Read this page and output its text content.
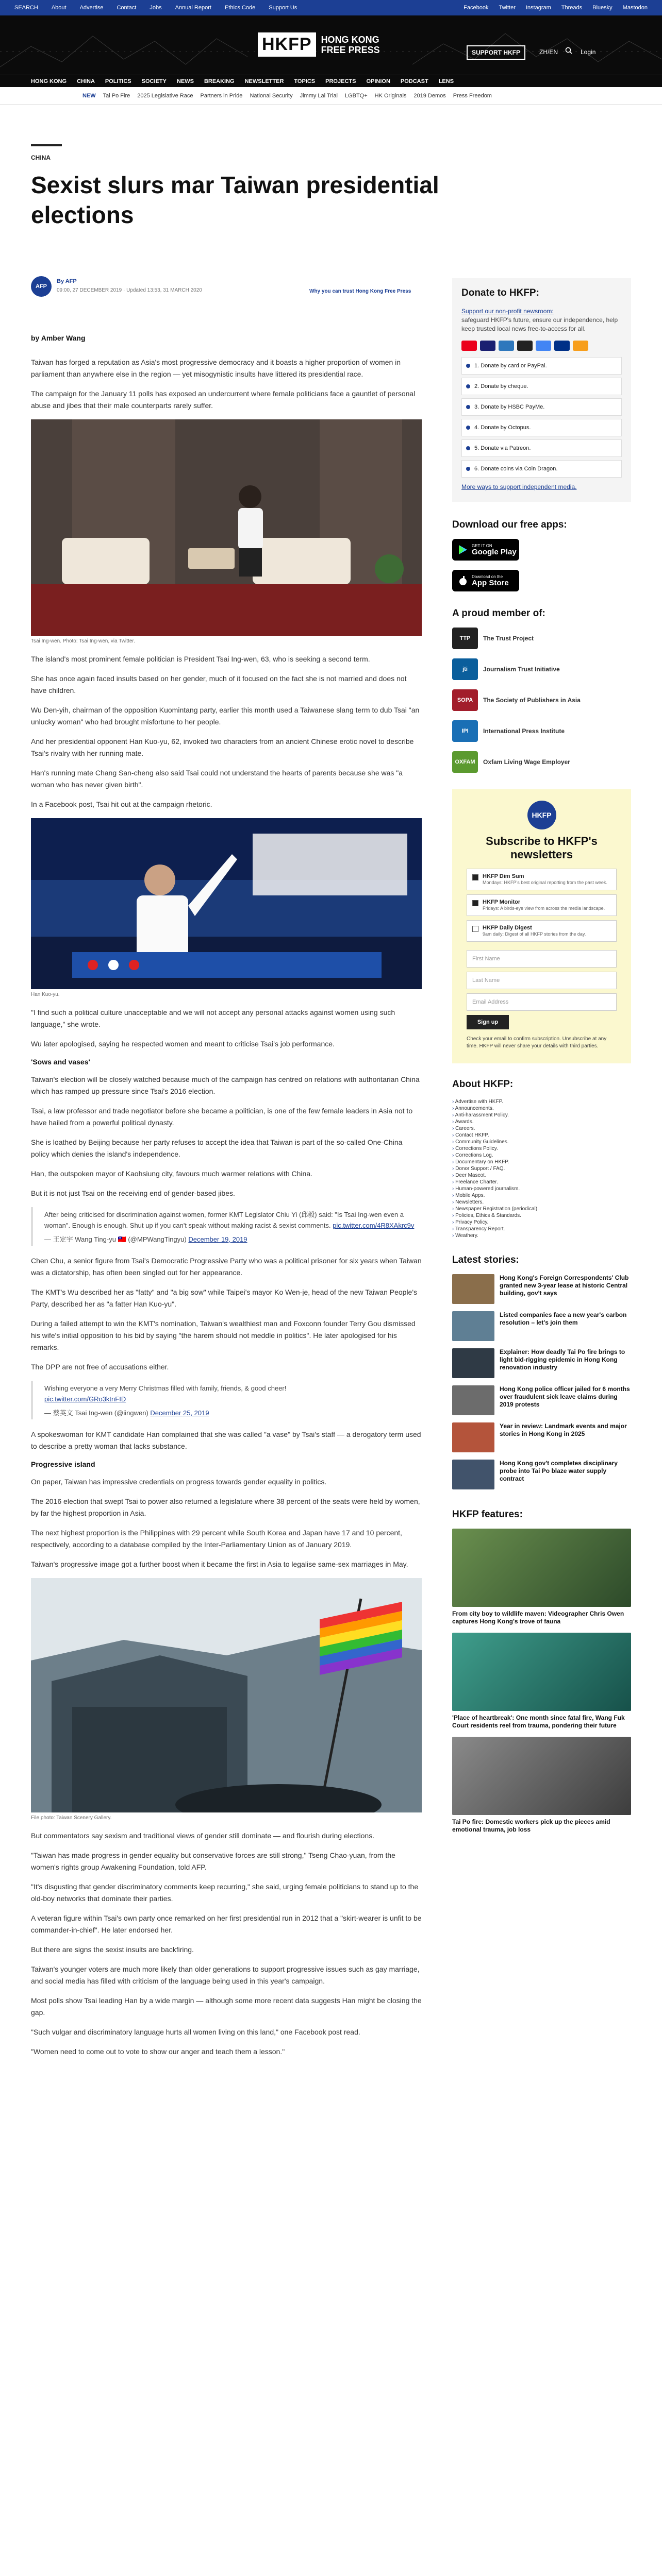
SEARCH About Advertise Contact Jobs Annual Report Ethics Code Support Us	Facebook Twitter Instagram Threads Bluesky Mastodon
HKFP	HONG KONG
FREE PRESS	SUPPORT HKFP	ZH/EN	Login
HONG KONG CHINA POLITICS SOCIETY NEWS BREAKING NEWSLETTER TOPICS PROJECTS OPINION PODCAST LENS
NEW Tai Po Fire 2025 Legislative Race Partners in Pride National Security Jimmy Lai Trial LGBTQ+ HK Originals 2019 Demos Press Freedom
CHINA
Sexist slurs mar Taiwan presidential elections
AFP
By AFP
09:00, 27 DECEMBER 2019 · Updated 13:53, 31 MARCH 2020	Why you can trust Hong Kong Free Press

by Amber Wang

Taiwan has forged a reputation as Asia's most progressive democracy and it boasts a higher proportion of women in parliament than anywhere else in the region — yet misogynistic insults have littered its presidential race.

The campaign for the January 11 polls has exposed an undercurrent where female politicians face a gauntlet of personal abuse and jibes that their male counterparts rarely suffer.

Tsai Ing-wen. Photo: Tsai Ing-wen, via Twitter.

The island's most prominent female politician is President Tsai Ing-wen, 63, who is seeking a second term.

She has once again faced insults based on her gender, much of it focused on the fact she is not married and does not have children.

Wu Den-yih, chairman of the opposition Kuomintang party, earlier this month used a Taiwanese slang term to dub Tsai "an unlucky woman" who had brought misfortune to her people.

And her presidential opponent Han Kuo-yu, 62, invoked two characters from an ancient Chinese erotic novel to describe Tsai's rivalry with her running mate.

Han's running mate Chang San-cheng also said Tsai could not understand the hearts of parents because she was "a woman who has never given birth".

In a Facebook post, Tsai hit out at the campaign rhetoric.

Han Kuo-yu.

"I find such a political culture unacceptable and we will not accept any personal attacks against women using such language," she wrote.

Wu later apologised, saying he respected women and meant to criticise Tsai's job performance.

'Sows and vases'

Taiwan's election will be closely watched because much of the campaign has centred on relations with authoritarian China which has ramped up pressure since Tsai's 2016 election.

Tsai, a law professor and trade negotiator before she became a politician, is one of the few female leaders in Asia not to have hailed from a powerful political dynasty.

She is loathed by Beijing because her party refuses to accept the idea that Taiwan is part of the so-called One-China policy which denies the island's independence.

Han, the outspoken mayor of Kaohsiung city, favours much warmer relations with China.

But it is not just Tsai on the receiving end of gender-based jibes.

After being criticised for discrimination against women, former KMT Legislator Chiu Yi (邱毅) said: "Is Tsai Ing-wen even a woman". Enough is enough. Shut up if you can't speak without making racist & sexist comments. pic.twitter.com/4R8XAkrc9v
— 王定宇 Wang Ting-yu 🇹🇼 (@MPWangTingyu) December 19, 2019

Chen Chu, a senior figure from Tsai's Democratic Progressive Party who was a political prisoner for six years when Taiwan was a dictatorship, has often been singled out for her appearance.

The KMT's Wu described her as "fatty" and "a big sow" while Taipei's mayor Ko Wen-je, head of the new Taiwan People's Party, described her as "a fatter Han Kuo-yu".

During a failed attempt to win the KMT's nomination, Taiwan's wealthiest man and Foxconn founder Terry Gou dismissed his wife's initial opposition to his bid by saying "the harem should not meddle in politics". He later apologised for his remarks.

The DPP are not free of accusations either.

Wishing everyone a very Merry Christmas filled with family, friends, & good cheer!
pic.twitter.com/GRo3ktnFID
— 蔡英文 Tsai Ing-wen (@iingwen) December 25, 2019

A spokeswoman for KMT candidate Han complained that she was called "a vase" by Tsai's staff — a derogatory term used to describe a pretty woman that lacks substance.

Progressive island

On paper, Taiwan has impressive credentials on progress towards gender equality in politics.

The 2016 election that swept Tsai to power also returned a legislature where 38 percent of the seats were held by women, by far the highest proportion in Asia.

The next highest proportion is the Philippines with 29 percent while South Korea and Japan have 17 and 10 percent, respectively, according to a database compiled by the Inter-Parliamentary Union as of January 2019.

Taiwan's progressive image got a further boost when it became the first in Asia to legalise same-sex marriages in May.

File photo: Taiwan Scenery Gallery.

But commentators say sexism and traditional views of gender still dominate — and flourish during elections.

"Taiwan has made progress in gender equality but conservative forces are still strong," Tseng Chao-yuan, from the women's rights group Awakening Foundation, told AFP.

"It's disgusting that gender discriminatory comments keep recurring," she said, urging female politicians to stand up to the old-boy networks that dominate their parties.

A veteran figure within Tsai's own party once remarked on her first presidential run in 2012 that a "skirt-wearer is unfit to be commander-in-chief". He later endorsed her.

But there are signs the sexist insults are backfiring.

Taiwan's younger voters are much more likely than older generations to support progressive issues such as gay marriage, and social media has filled with criticism of the language being used in this year's campaign.

Most polls show Tsai leading Han by a wide margin — although some more recent data suggests Han might be closing the gap.

"Such vulgar and discriminatory language hurts all women living on this land," one Facebook post read.

"Women need to come out to vote to show our anger and teach them a lesson."

Donate to HKFP:
Support our non-profit newsroom:
safeguard HKFP's future, ensure our independence, help keep trusted local news free-to-access for all.
1. Donate by card or PayPal.
2. Donate by cheque.
3. Donate by HSBC PayMe.
4. Donate by Octopus.
5. Donate via Patreon.
6. Donate coins via Coin Dragon.
More ways to support independent media.
Download our free apps:
GET IT ON
Google Play
Download on the
App Store
A proud member of:
TTP	The Trust Project
jti	Journalism Trust Initiative
SOPA	The Society of Publishers in Asia
IPI	International Press Institute
OXFAM	Oxfam Living Wage Employer
HKFP
Subscribe to HKFP's newsletters
HKFP Dim Sum
Mondays: HKFP's best original reporting from the past week.
HKFP Monitor
Fridays: A birds-eye view from across the media landscape.
HKFP Daily Digest
9am daily: Digest of all HKFP stories from the day.
First Name
Last Name
Email Address
Sign up
Check your email to confirm subscription. Unsubscribe at any time. HKFP will never share your details with third parties.
About HKFP:
› Advertise with HKFP.
› Announcements.
› Anti-harassment Policy.
› Awards.
› Careers.
› Contact HKFP.
› Community Guidelines.
› Corrections Policy.
› Corrections Log.
› Documentary on HKFP.
› Donor Support / FAQ.
› Deer Mascot.
› Freelance Charter.
› Human-powered journalism.
› Mobile Apps.
› Newsletters.
› Newspaper Registration (periodical).
› Policies, Ethics & Standards.
› Privacy Policy.
› Transparency Report.
› Weathery.
Latest stories:
Hong Kong's Foreign Correspondents' Club granted new 3-year lease at historic Central building, gov't says
Listed companies face a new year's carbon resolution – let's join them
Explainer: How deadly Tai Po fire brings to light bid-rigging epidemic in Hong Kong renovation industry
Hong Kong police officer jailed for 6 months over fraudulent sick leave claims during 2019 protests
Year in review: Landmark events and major stories in Hong Kong in 2025
Hong Kong gov't completes disciplinary probe into Tai Po blaze water supply contract
HKFP features:
From city boy to wildlife maven: Videographer Chris Owen captures Hong Kong's trove of fauna
'Place of heartbreak': One month since fatal fire, Wang Fuk Court residents reel from trauma, pondering their future
Tai Po fire: Domestic workers pick up the pieces amid emotional trauma, job loss
